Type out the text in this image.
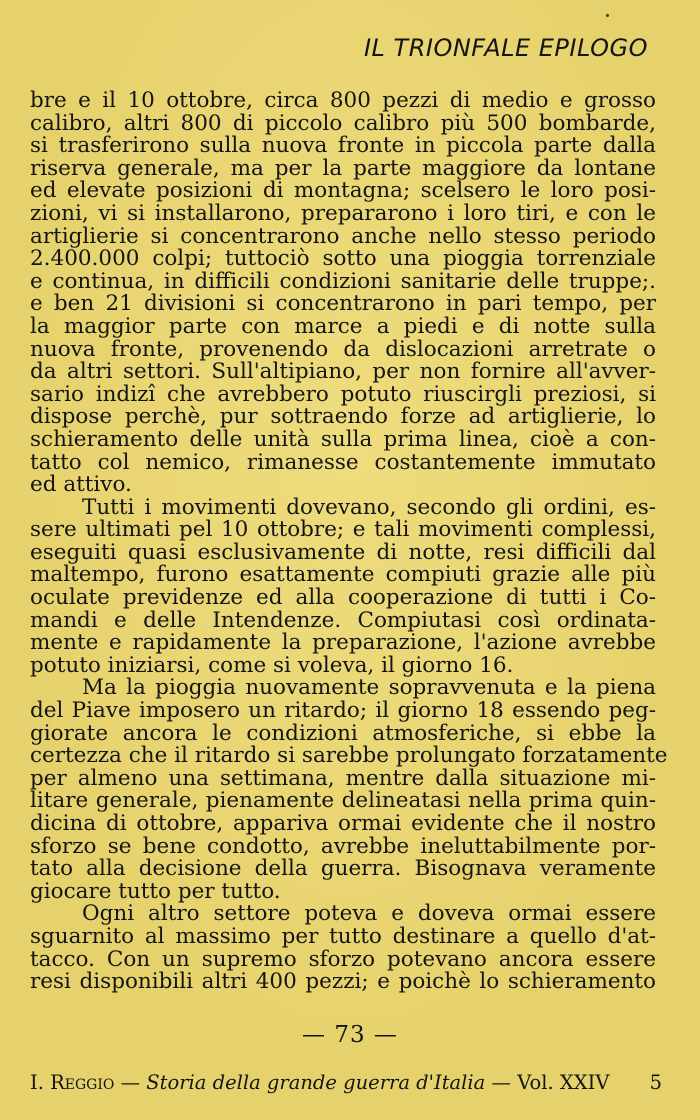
IL TRIONFALE EPILOGO
bre e il 10 ottobre, circa 800 pezzi di medio e grosso
calibro, altri 800 di piccolo calibro più 500 bombarde,
si trasferirono sulla nuova fronte in piccola parte dalla
riserva generale, ma per la parte maggiore da lontane
ed elevate posizioni di montagna; scelsero le loro posi-
zioni, vi si installarono, prepararono i loro tiri, e con le
artiglierie si concentrarono anche nello stesso periodo
2.400.000 colpi; tuttociò sotto una pioggia torrenziale
e continua, in difficili condizioni sanitarie delle truppe;.
e ben 21 divisioni si concentrarono in pari tempo, per
la maggior parte con marce a piedi e di notte sulla
nuova fronte, provenendo da dislocazioni arretrate o
da altri settori. Sull'altipiano, per non fornire all'avver-
sario indizî che avrebbero potuto riuscirgli preziosi, si
dispose perchè, pur sottraendo forze ad artiglierie, lo
schieramento delle unità sulla prima linea, cioè a con-
tatto col nemico, rimanesse costantemente immutato
ed attivo.
Tutti i movimenti dovevano, secondo gli ordini, es-
sere ultimati pel 10 ottobre; e tali movimenti complessi,
eseguiti quasi esclusivamente di notte, resi difficili dal
maltempo, furono esattamente compiuti grazie alle più
oculate previdenze ed alla cooperazione di tutti i Co-
mandi e delle Intendenze. Compiutasi così ordinata-
mente e rapidamente la preparazione, l'azione avrebbe
potuto iniziarsi, come si voleva, il giorno 16.
Ma la pioggia nuovamente sopravvenuta e la piena
del Piave imposero un ritardo; il giorno 18 essendo peg-
giorate ancora le condizioni atmosferiche, si ebbe la
certezza che il ritardo si sarebbe prolungato forzatamente
per almeno una settimana, mentre dalla situazione mi-
litare generale, pienamente delineatasi nella prima quin-
dicina di ottobre, appariva ormai evidente che il nostro
sforzo se bene condotto, avrebbe ineluttabilmente por-
tato alla decisione della guerra. Bisognava veramente
giocare tutto per tutto.
Ogni altro settore poteva e doveva ormai essere
sguarnito al massimo per tutto destinare a quello d'at-
tacco. Con un supremo sforzo potevano ancora essere
resi disponibili altri 400 pezzi; e poichè lo schieramento
— 73 —
I. Reggio — Storia della grande guerra d'Italia — Vol. XXIV 5
